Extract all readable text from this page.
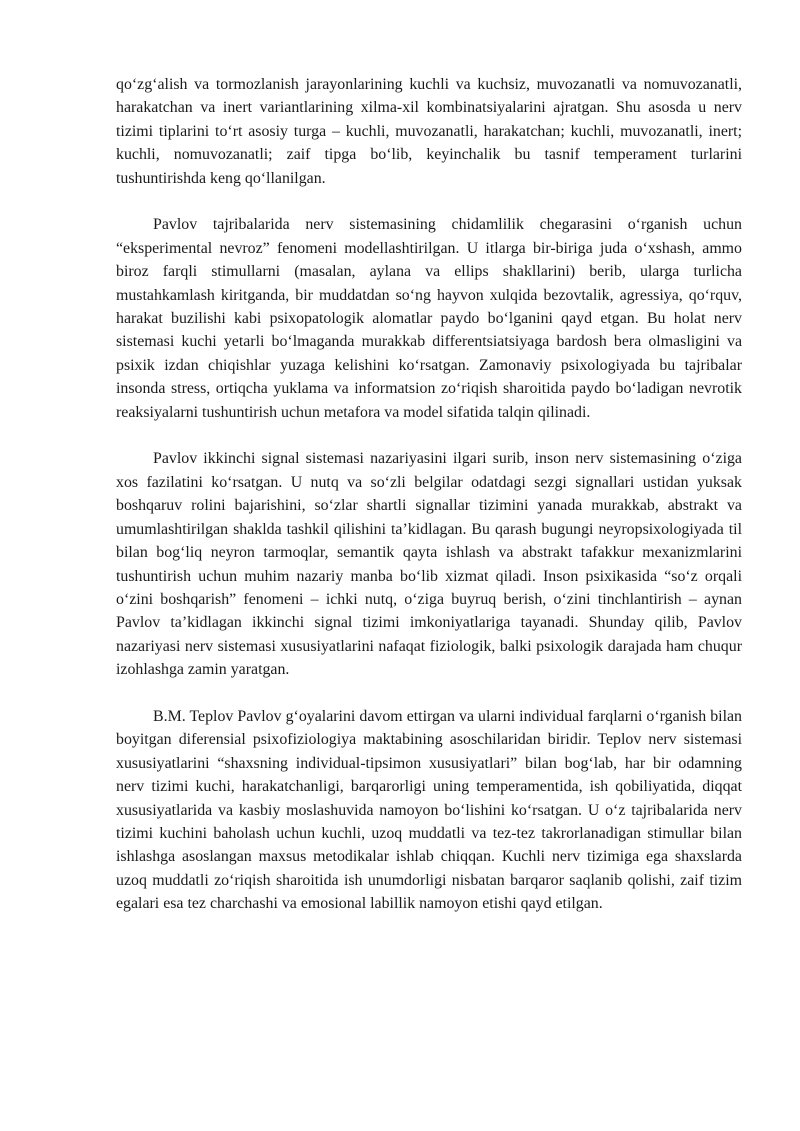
qo‘zg‘alish va tormozlanish jarayonlarining kuchli va kuchsiz, muvozanatli va nomuvozanatli, harakatchan va inert variantlarining xilma-xil kombinatsiyalarini ajratgan. Shu asosda u nerv tizimi tiplarini to‘rt asosiy turga – kuchli, muvozanatli, harakatchan; kuchli, muvozanatli, inert; kuchli, nomuvozanatli; zaif tipga bo‘lib, keyinchalik bu tasnif temperament turlarini tushuntirishda keng qo‘llanilgan.

Pavlov tajribalarida nerv sistemasining chidamlilik chegarasini o‘rganish uchun “eksperimental nevroz” fenomeni modellashtirilgan. U itlarga bir-biriga juda o‘xshash, ammo biroz farqli stimullarni (masalan, aylana va ellips shakllarini) berib, ularga turlicha mustahkamlash kiritganda, bir muddatdan so‘ng hayvon xulqida bezovtalik, agressiya, qo‘rquv, harakat buzilishi kabi psixopatologik alomatlar paydo bo‘lganini qayd etgan. Bu holat nerv sistemasi kuchi yetarli bo‘lmaganda murakkab differentsiatsiyaga bardosh bera olmasligini va psixik izdan chiqishlar yuzaga kelishini ko‘rsatgan. Zamonaviy psixologiyada bu tajribalar insonda stress, ortiqcha yuklama va informatsion zo‘riqish sharoitida paydo bo‘ladigan nevrotik reaksiyalarni tushuntirish uchun metafora va model sifatida talqin qilinadi.

Pavlov ikkinchi signal sistemasi nazariyasini ilgari surib, inson nerv sistemasining o‘ziga xos fazilatini ko‘rsatgan. U nutq va so‘zli belgilar odatdagi sezgi signallari ustidan yuksak boshqaruv rolini bajarishini, so‘zlar shartli signallar tizimini yanada murakkab, abstrakt va umumlashtirilgan shaklda tashkil qilishini ta’kidlagan. Bu qarash bugungi neyropsixologiyada til bilan bog‘liq neyron tarmoqlar, semantik qayta ishlash va abstrakt tafakkur mexanizmlarini tushuntirish uchun muhim nazariy manba bo‘lib xizmat qiladi. Inson psixikasida “so‘z orqali o‘zini boshqarish” fenomeni – ichki nutq, o‘ziga buyruq berish, o‘zini tinchlantirish – aynan Pavlov ta’kidlagan ikkinchi signal tizimi imkoniyatlariga tayanadi. Shunday qilib, Pavlov nazariyasi nerv sistemasi xususiyatlarini nafaqat fiziologik, balki psixologik darajada ham chuqur izohlashga zamin yaratgan.

B.M. Teplov Pavlov g‘oyalarini davom ettirgan va ularni individual farqlarni o‘rganish bilan boyitgan diferensial psixofiziologiya maktabining asoschilaridan biridir. Teplov nerv sistemasi xususiyatlarini “shaxsning individual-tipsimon xususiyatlari” bilan bog‘lab, har bir odamning nerv tizimi kuchi, harakatchanligi, barqarorligi uning temperamentida, ish qobiliyatida, diqqat xususiyatlarida va kasbiy moslashuvida namoyon bo‘lishini ko‘rsatgan. U o‘z tajribalarida nerv tizimi kuchini baholash uchun kuchli, uzoq muddatli va tez-tez takrorlanadigan stimullar bilan ishlashga asoslangan maxsus metodikalar ishlab chiqqan. Kuchli nerv tizimiga ega shaxslarda uzoq muddatli zo‘riqish sharoitida ish unumdorligi nisbatan barqaror saqlanib qolishi, zaif tizim egalari esa tez charchashi va emosional labillik namoyon etishi qayd etilgan.
